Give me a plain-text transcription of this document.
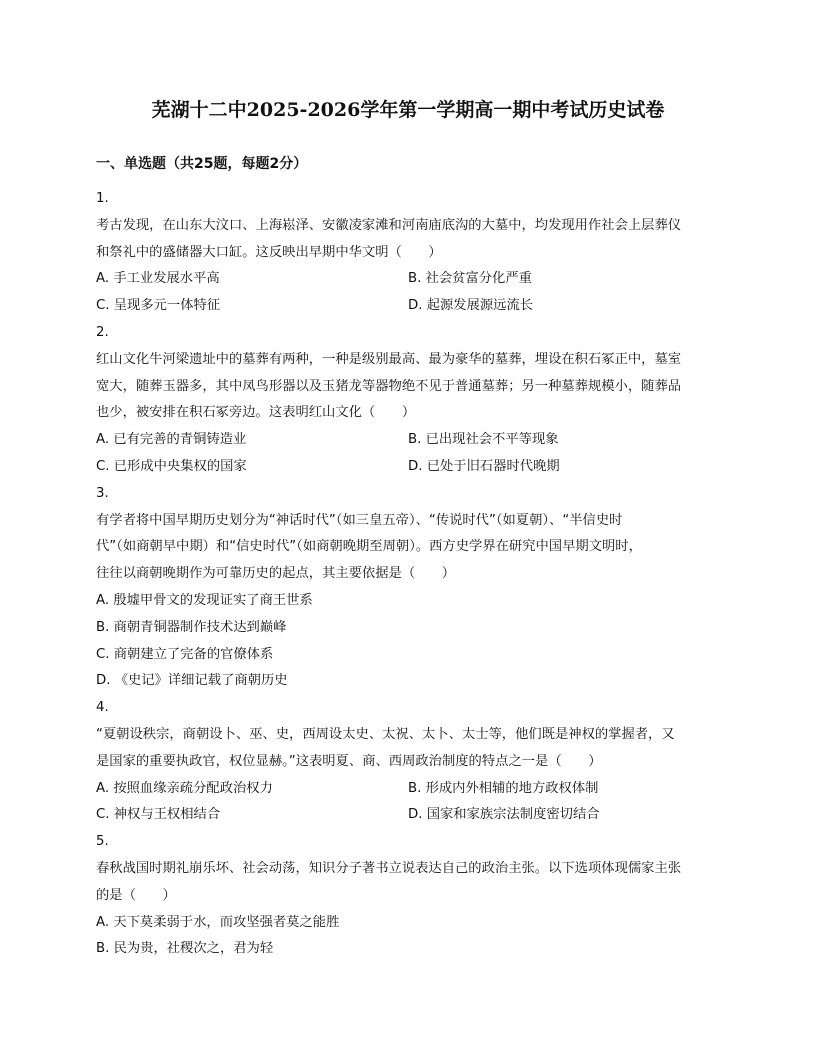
芜湖十二中2025-2026学年第一学期高一期中考试历史试卷
一、单选题（共25题，每题2分）
1.
考古发现，在山东大汶口、上海崧泽、安徽凌家滩和河南庙底沟的大墓中，均发现用作社会上层葬仪
和祭礼中的盛储器大口缸。这反映出早期中华文明（　　）
A. 手工业发展水平高	B. 社会贫富分化严重
C. 呈现多元一体特征	D. 起源发展源远流长
2.
红山文化牛河梁遗址中的墓葬有两种，一种是级别最高、最为豪华的墓葬，埋设在积石冢正中，墓室
宽大，随葬玉器多，其中凤鸟形器以及玉猪龙等器物绝不见于普通墓葬；另一种墓葬规模小，随葬品
也少，被安排在积石冢旁边。这表明红山文化（　　）
A. 已有完善的青铜铸造业	B. 已出现社会不平等现象
C. 已形成中央集权的国家	D. 已处于旧石器时代晚期
3.
有学者将中国早期历史划分为“神话时代”（如三皇五帝）、“传说时代”（如夏朝）、“半信史时
代”（如商朝早中期）和“信史时代”（如商朝晚期至周朝）。西方史学界在研究中国早期文明时，
往往以商朝晚期作为可靠历史的起点，其主要依据是（　　）
A. 殷墟甲骨文的发现证实了商王世系
B. 商朝青铜器制作技术达到巅峰
C. 商朝建立了完备的官僚体系
D. 《史记》详细记载了商朝历史
4.
“夏朝设秩宗，商朝设卜、巫、史，西周设太史、太祝、太卜、太士等，他们既是神权的掌握者，又
是国家的重要执政官，权位显赫。”这表明夏、商、西周政治制度的特点之一是（　　）
A. 按照血缘亲疏分配政治权力	B. 形成内外相辅的地方政权体制
C. 神权与王权相结合	D. 国家和家族宗法制度密切结合
5.
春秋战国时期礼崩乐坏、社会动荡，知识分子著书立说表达自己的政治主张。以下选项体现儒家主张
的是（　　）
A. 天下莫柔弱于水，而攻坚强者莫之能胜
B. 民为贵，社稷次之，君为轻
